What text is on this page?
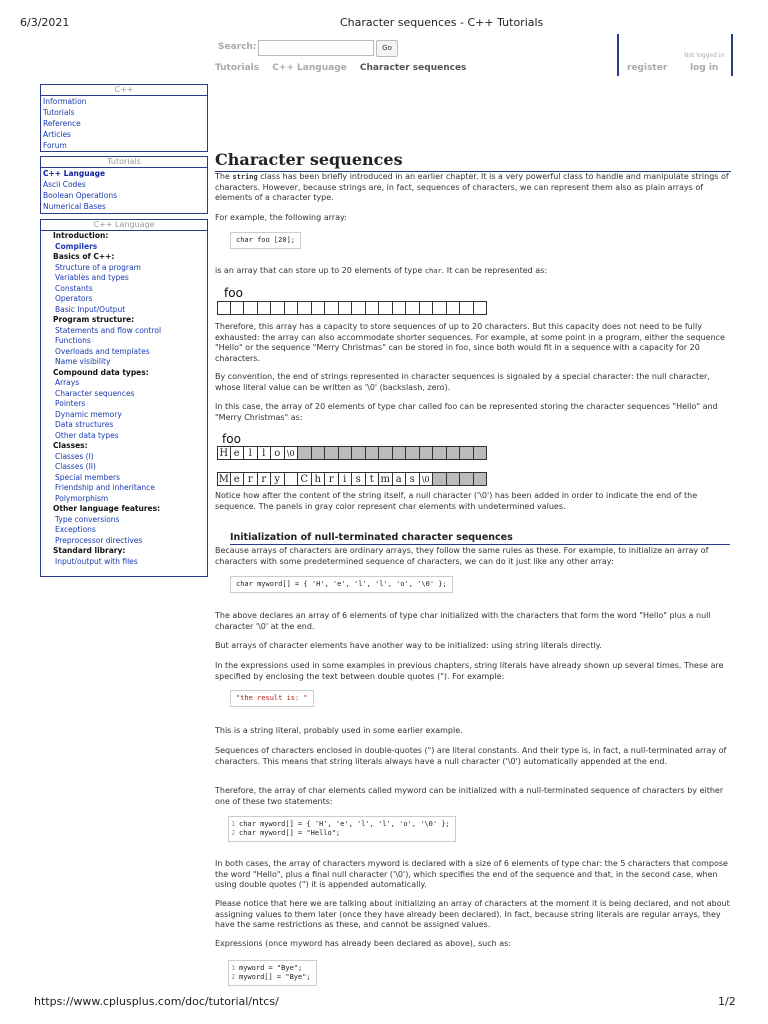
6/3/2021	Character sequences - C++ Tutorials
https://www.cplusplus.com/doc/tutorial/ntcs/	1/2
Search:	Go
Tutorials C++ Language Character sequences
Not logged in
register	log in
C++
Information
Tutorials
Reference
Articles
Forum
Tutorials
C++ Language
Ascii Codes
Boolean Operations
Numerical Bases
C++ Language
Introduction:
Compilers
Basics of C++:
Structure of a program
Variables and types
Constants
Operators
Basic Input/Output
Program structure:
Statements and flow control
Functions
Overloads and templates
Name visibility
Compound data types:
Arrays
Character sequences
Pointers
Dynamic memory
Data structures
Other data types
Classes:
Classes (I)
Classes (II)
Special members
Friendship and inheritance
Polymorphism
Other language features:
Type conversions
Exceptions
Preprocessor directives
Standard library:
Input/output with files
Character sequences
The string class has been briefly introduced in an earlier chapter. It is a very powerful class to handle and manipulate strings of characters. However, because strings are, in fact, sequences of characters, we can represent them also as plain arrays of elements of a character type.
For example, the following array:
char foo [20];
is an array that can store up to 20 elements of type char. It can be represented as:
foo
Therefore, this array has a capacity to store sequences of up to 20 characters. But this capacity does not need to be fully exhausted: the array can also accommodate shorter sequences. For example, at some point in a program, either the sequence "Hello" or the sequence "Merry Christmas" can be stored in foo, since both would fit in a sequence with a capacity for 20 characters.
By convention, the end of strings represented in character sequences is signaled by a special character: the null character, whose literal value can be written as '\0' (backslash, zero).
In this case, the array of 20 elements of type char called foo can be represented storing the character sequences "Hello" and "Merry Christmas" as:
foo
H e l	l o \0
M e r r y	C h r i s t m a s \0
Notice how after the content of the string itself, a null character ('\0') has been added in order to indicate the end of the sequence. The panels in gray color represent char elements with undetermined values.
Initialization of null-terminated character sequences
Because arrays of characters are ordinary arrays, they follow the same rules as these. For example, to initialize an array of characters with some predetermined sequence of characters, we can do it just like any other array:
char myword[] = { 'H', 'e', 'l', 'l', 'o', '\0' };
The above declares an array of 6 elements of type char initialized with the characters that form the word "Hello" plus a null character '\0' at the end.
But arrays of character elements have another way to be initialized: using string literals directly.
In the expressions used in some examples in previous chapters, string literals have already shown up several times. These are specified by enclosing the text between double quotes ("). For example:
"the result is: "
This is a string literal, probably used in some earlier example.
Sequences of characters enclosed in double-quotes (") are literal constants. And their type is, in fact, a null-terminated array of characters. This means that string literals always have a null character ('\0') automatically appended at the end.
Therefore, the array of char elements called myword can be initialized with a null-terminated sequence of characters by either one of these two statements:
1 char myword[] = { 'H', 'e', 'l', 'l', 'o', '\0' };
2 char myword[] = "Hello";
In both cases, the array of characters myword is declared with a size of 6 elements of type char: the 5 characters that compose the word "Hello", plus a final null character ('\0'), which specifies the end of the sequence and that, in the second case, when using double quotes (") it is appended automatically.
Please notice that here we are talking about initializing an array of characters at the moment it is being declared, and not about assigning values to them later (once they have already been declared). In fact, because string literals are regular arrays, they have the same restrictions as these, and cannot be assigned values.
Expressions (once myword has already been declared as above), such as:
1 myword = "Bye";
2 myword[] = "Bye";
